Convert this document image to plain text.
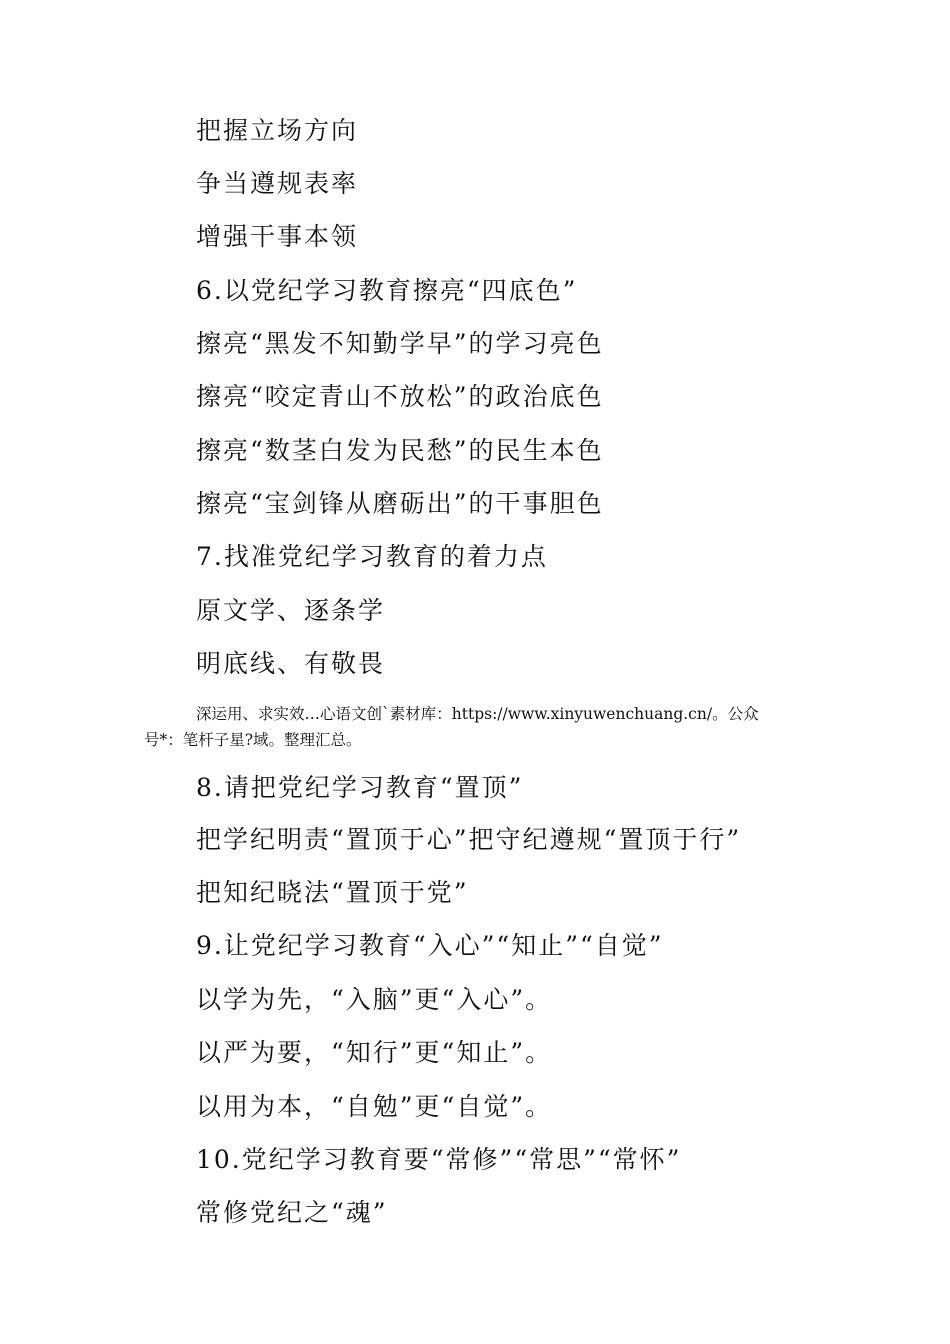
把握立场方向
争当遵规表率
增强干事本领
6.以党纪学习教育擦亮“四底色”
擦亮“黑发不知勤学早”的学习亮色
擦亮“咬定青山不放松”的政治底色
擦亮“数茎白发为民愁”的民生本色
擦亮“宝剑锋从磨砺出”的干事胆色
7.找准党纪学习教育的着力点
原文学、逐条学
明底线、有敬畏
深运用、求实效…心语文创`素材库：https://www.xinyuwenchuang.cn/。公众
号*：笔杆子星?域。整理汇总。
8.请把党纪学习教育“置顶”
把学纪明责“置顶于心”把守纪遵规“置顶于行”
把知纪晓法“置顶于党”
9.让党纪学习教育“入心”“知止”“自觉”
以学为先，“入脑”更“入心”。
以严为要，“知行”更“知止”。
以用为本，“自勉”更“自觉”。
10.党纪学习教育要“常修”“常思”“常怀”
常修党纪之“魂”
